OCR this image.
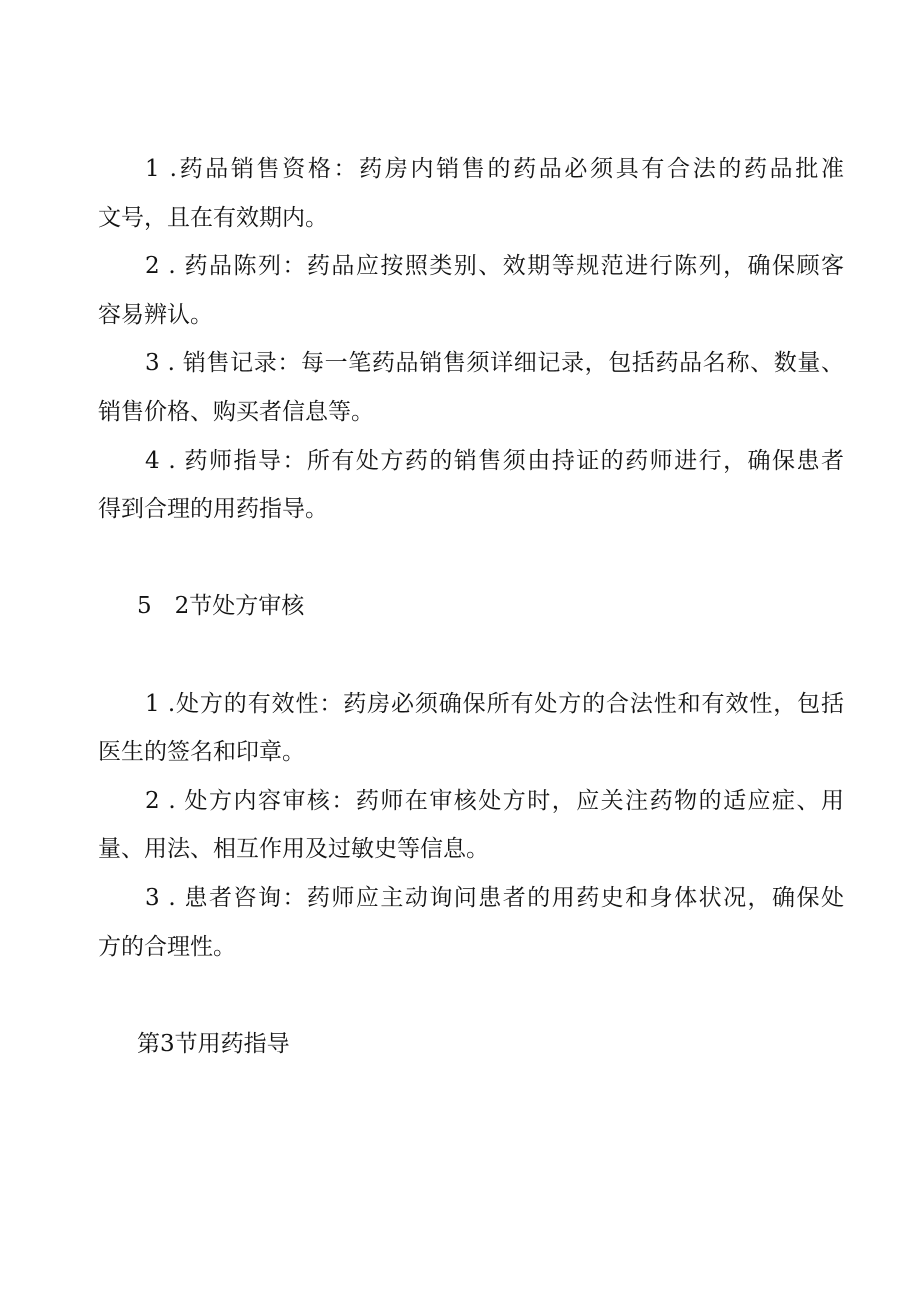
1 .药品销售资格：药房内销售的药品必须具有合法的药品批准
文号，且在有效期内。
2 . 药品陈列：药品应按照类别、效期等规范进行陈列，确保顾客
容易辨认。
3 . 销售记录：每一笔药品销售须详细记录，包括药品名称、数量、
销售价格、购买者信息等。
4 . 药师指导：所有处方药的销售须由持证的药师进行，确保患者
得到合理的用药指导。
5　2节处方审核
1 .处方的有效性：药房必须确保所有处方的合法性和有效性，包括
医生的签名和印章。
2 . 处方内容审核：药师在审核处方时，应关注药物的适应症、用
量、用法、相互作用及过敏史等信息。
3 . 患者咨询：药师应主动询问患者的用药史和身体状况，确保处
方的合理性。
第3节用药指导
